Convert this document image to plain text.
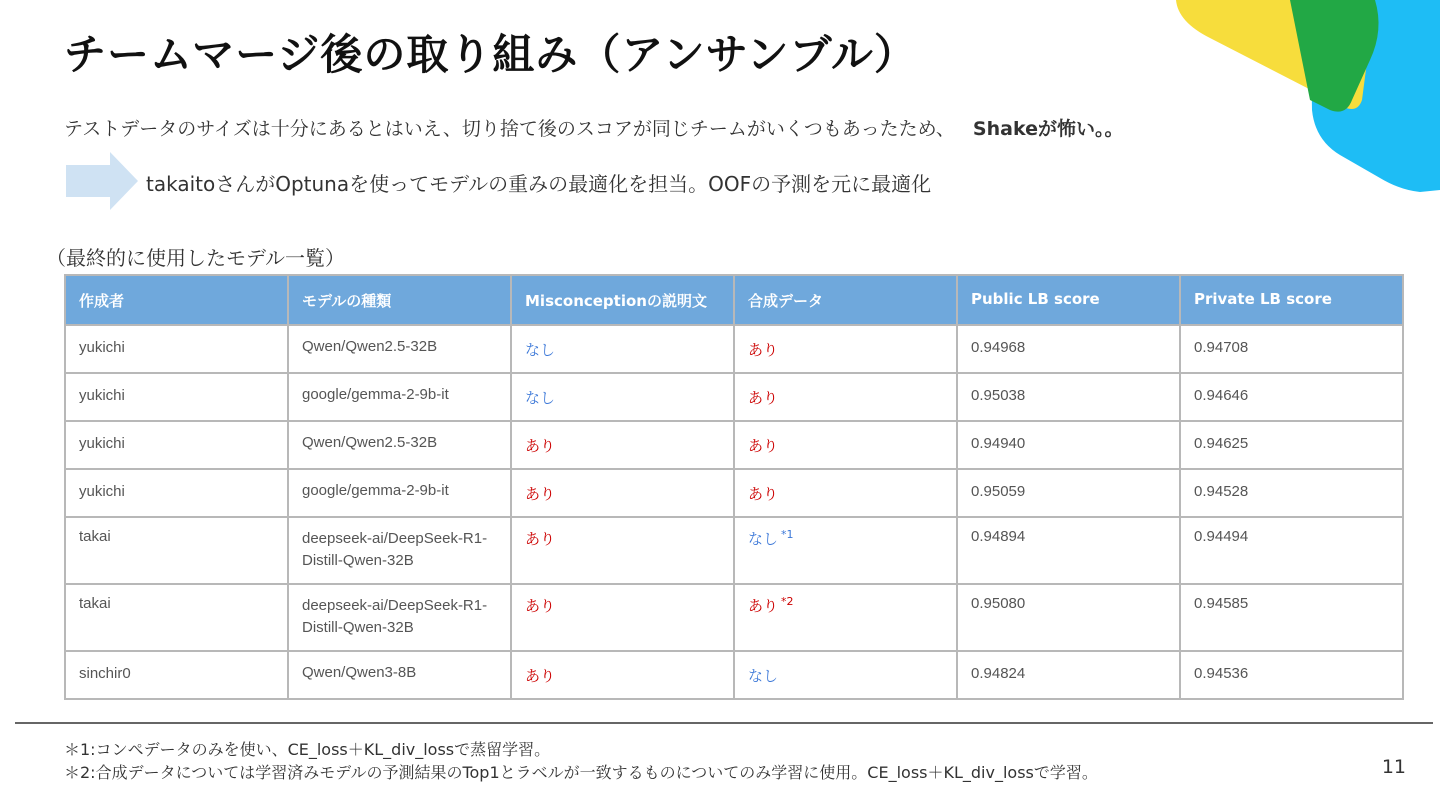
チームマージ後の取り組み（アンサンブル）
テストデータのサイズは十分にあるとはいえ、切り捨て後のスコアが同じチームがいくつもあったため、 Shakeが怖い。。
takaitoさんがOptunaを使ってモデルの重みの最適化を担当。OOFの予測を元に最適化
（最終的に使用したモデル一覧）
作成者	モデルの種類	Misconceptionの説明文	合成データ	Public LB score	Private LB score
yukichi	Qwen/Qwen2.5-32B	なし	あり	0.94968	0.94708
yukichi	google/gemma-2-9b-it	なし	あり	0.95038	0.94646
yukichi	Qwen/Qwen2.5-32B	あり	あり	0.94940	0.94625
yukichi	google/gemma-2-9b-it	あり	あり	0.95059	0.94528
takai	deepseek-ai/DeepSeek-R1-Distill-Qwen-32B	あり	なし $^{*1}$	0.94894	0.94494
takai	deepseek-ai/DeepSeek-R1-Distill-Qwen-32B	あり	あり $^{*2}$	0.95080	0.94585
sinchir0	Qwen/Qwen3-8B	あり	なし	0.94824	0.94536
＊1:コンペデータのみを使い、CE_loss＋KL_div_lossで蒸留学習。
＊2:合成データについては学習済みモデルの予測結果のTop1とラベルが一致するものについてのみ学習に使用。CE_loss＋KL_div_lossで学習。	11
